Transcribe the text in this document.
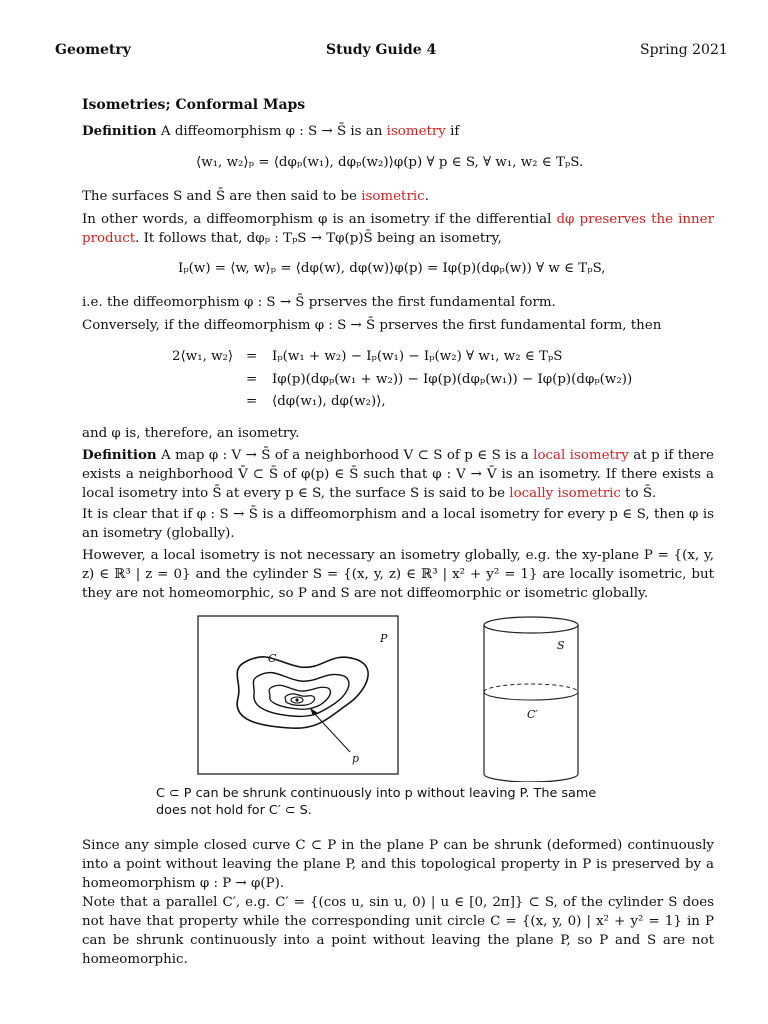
Geometry	Study Guide 4	Spring 2021
Isometries; Conformal Maps
Definition A diffeomorphism φ : S → S̄ is an isometry if
⟨w₁, w₂⟩ₚ = ⟨dφₚ(w₁), dφₚ(w₂)⟩φ(p) ∀ p ∈ S, ∀ w₁, w₂ ∈ TₚS.
The surfaces S and S̄ are then said to be isometric.
In other words, a diffeomorphism φ is an isometry if the differential dφ preserves the inner product. It follows that, dφₚ : TₚS → Tφ(p)S̄ being an isometry,
Iₚ(w) = ⟨w, w⟩ₚ = ⟨dφ(w), dφ(w)⟩φ(p) = Iφ(p)(dφₚ(w)) ∀ w ∈ TₚS,
i.e. the diffeomorphism φ : S → S̄ prserves the first fundamental form.
Conversely, if the diffeomorphism φ : S → S̄ prserves the first fundamental form, then
2⟨w₁, w₂⟩ =
=
=
Iₚ(w₁ + w₂) − Iₚ(w₁) − Iₚ(w₂) ∀ w₁, w₂ ∈ TₚS
Iφ(p)(dφₚ(w₁ + w₂)) − Iφ(p)(dφₚ(w₁)) − Iφ(p)(dφₚ(w₂))
⟨dφ(w₁), dφ(w₂)⟩,
and φ is, therefore, an isometry.
Definition A map φ : V → S̄ of a neighborhood V ⊂ S of p ∈ S is a local isometry at p if there exists a neighborhood V̄ ⊂ S̄ of φ(p) ∈ S̄ such that φ : V → V̄ is an isometry. If there exists a local isometry into S̄ at every p ∈ S, the surface S is said to be locally isometric to S̄.
It is clear that if φ : S → S̄ is a diffeomorphism and a local isometry for every p ∈ S, then φ is an isometry (globally).
However, a local isometry is not necessary an isometry globally, e.g. the xy-plane P = {(x, y, z) ∈ ℝ³ | z = 0} and the cylinder S = {(x, y, z) ∈ ℝ³ | x² + y² = 1} are locally isometric, but they are not homeomorphic, so P and S are not diffeomorphic or isometric globally.
P
C
p
S
C′
C ⊂ P can be shrunk continuously into p without leaving P. The same does not hold for C′ ⊂ S.
Since any simple closed curve C ⊂ P in the plane P can be shrunk (deformed) continuously into a point without leaving the plane P, and this topological property in P is preserved by a homeomorphism φ : P → φ(P).
Note that a parallel C′, e.g. C′ = {(cos u, sin u, 0) | u ∈ [0, 2π]} ⊂ S, of the cylinder S does not have that property while the corresponding unit circle C = {(x, y, 0) | x² + y² = 1} in P can be shrunk continuously into a point without leaving the plane P, so P and S are not homeomorphic.
